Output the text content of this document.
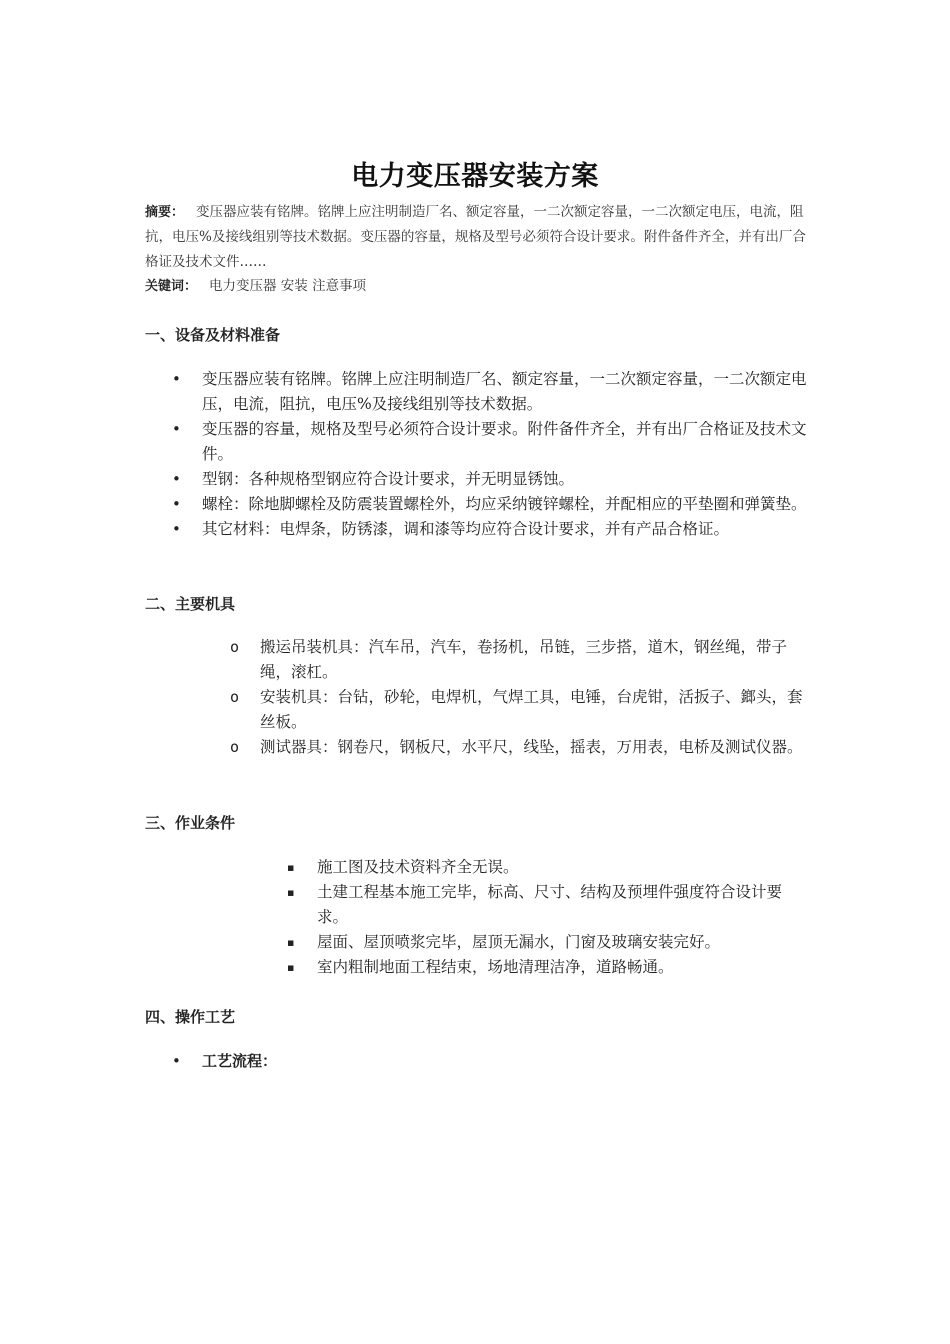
电力变压器安装方案
摘要： 变压器应装有铭牌。铭牌上应注明制造厂名、额定容量，一二次额定容量，一二次额定电压，电流，阻抗，电压%及接线组别等技术数据。变压器的容量，规格及型号必须符合设计要求。附件备件齐全，并有出厂合格证及技术文件……
关键词： 电力变压器 安装 注意事项
一、设备及材料准备
• 变压器应装有铭牌。铭牌上应注明制造厂名、额定容量，一二次额定容量，一二次额定电压，电流，阻抗，电压%及接线组别等技术数据。
• 变压器的容量，规格及型号必须符合设计要求。附件备件齐全，并有出厂合格证及技术文件。
• 型钢：各种规格型钢应符合设计要求，并无明显锈蚀。
• 螺栓：除地脚螺栓及防震装置螺栓外，均应采纳镀锌螺栓，并配相应的平垫圈和弹簧垫。
• 其它材料：电焊条，防锈漆，调和漆等均应符合设计要求，并有产品合格证。
二、主要机具
o 搬运吊装机具：汽车吊，汽车，卷扬机，吊链，三步搭，道木，钢丝绳，带子绳，滚杠。
o 安装机具：台钻，砂轮，电焊机，气焊工具，电锤，台虎钳，活扳子、鎯头，套丝板。
o 测试器具：钢卷尺，钢板尺，水平尺，线坠，摇表，万用表，电桥及测试仪器。
三、作业条件
▪ 施工图及技术资料齐全无误。
▪ 土建工程基本施工完毕，标高、尺寸、结构及预埋件强度符合设计要求。
▪ 屋面、屋顶喷浆完毕，屋顶无漏水，门窗及玻璃安装完好。
▪ 室内粗制地面工程结束，场地清理洁净，道路畅通。
四、操作工艺
• 工艺流程：
